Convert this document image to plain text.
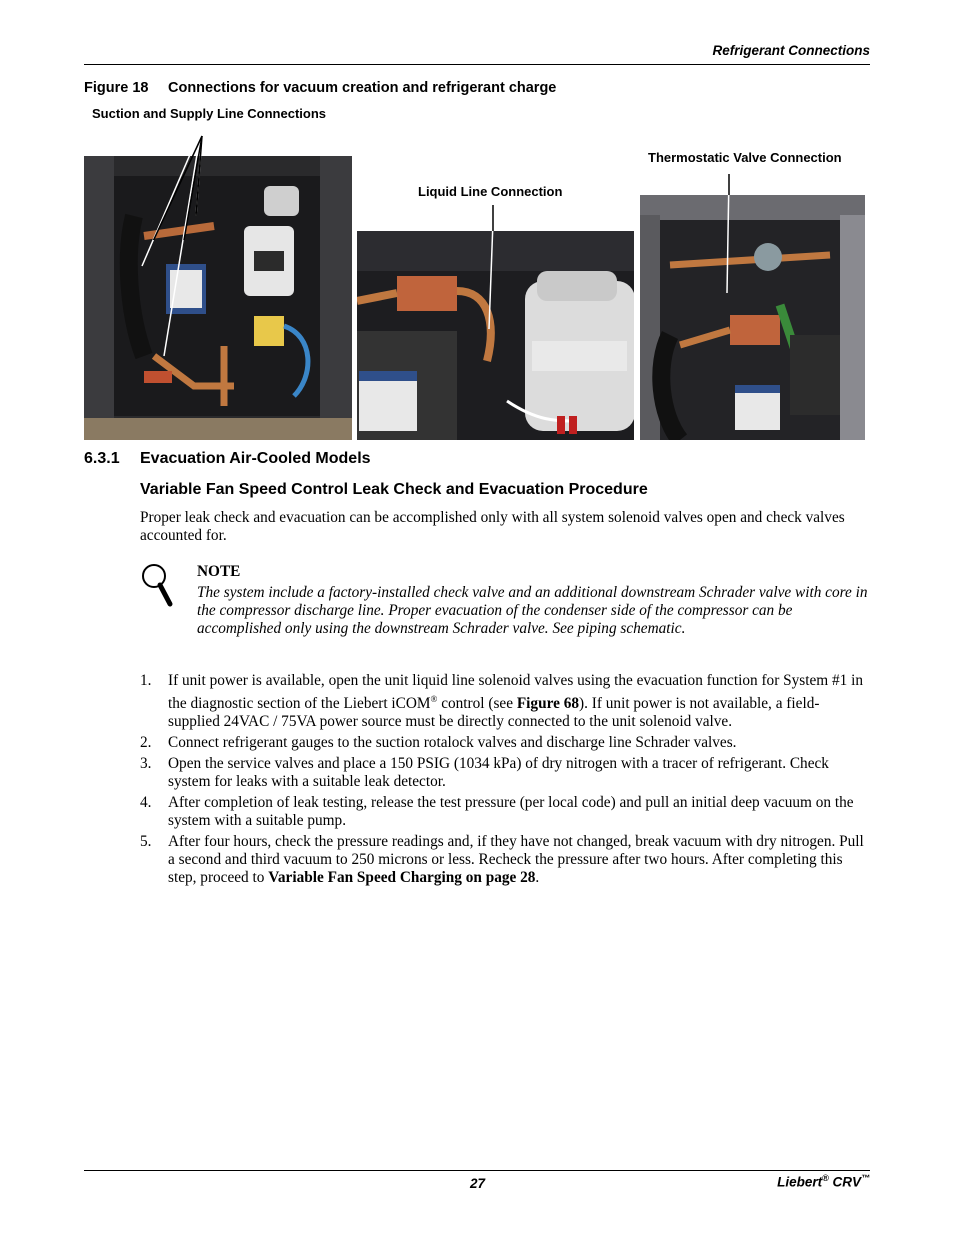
Refrigerant Connections
Figure 18 Connections for vacuum creation and refrigerant charge
Suction and Supply Line Connections
Liquid Line Connection
Thermostatic Valve Connection
6.3.1 Evacuation Air-Cooled Models
Variable Fan Speed Control Leak Check and Evacuation Procedure
Proper leak check and evacuation can be accomplished only with all system solenoid valves open and check valves accounted for.
NOTE
The system include a factory-installed check valve and an additional downstream Schrader valve with core in the compressor discharge line. Proper evacuation of the condenser side of the compressor can be accomplished only using the downstream Schrader valve. See piping schematic.
1. If unit power is available, open the unit liquid line solenoid valves using the evacuation function for System #1 in the diagnostic section of the Liebert iCOM® control (see Figure 68). If unit power is not available, a field-supplied 24VAC / 75VA power source must be directly connected to the unit solenoid valve.
2. Connect refrigerant gauges to the suction rotalock valves and discharge line Schrader valves.
3. Open the service valves and place a 150 PSIG (1034 kPa) of dry nitrogen with a tracer of refrigerant. Check system for leaks with a suitable leak detector.
4. After completion of leak testing, release the test pressure (per local code) and pull an initial deep vacuum on the system with a suitable pump.
5. After four hours, check the pressure readings and, if they have not changed, break vacuum with dry nitrogen. Pull a second and third vacuum to 250 microns or less. Recheck the pressure after two hours. After completing this step, proceed to Variable Fan Speed Charging on page 28.
27	Liebert® CRV™
